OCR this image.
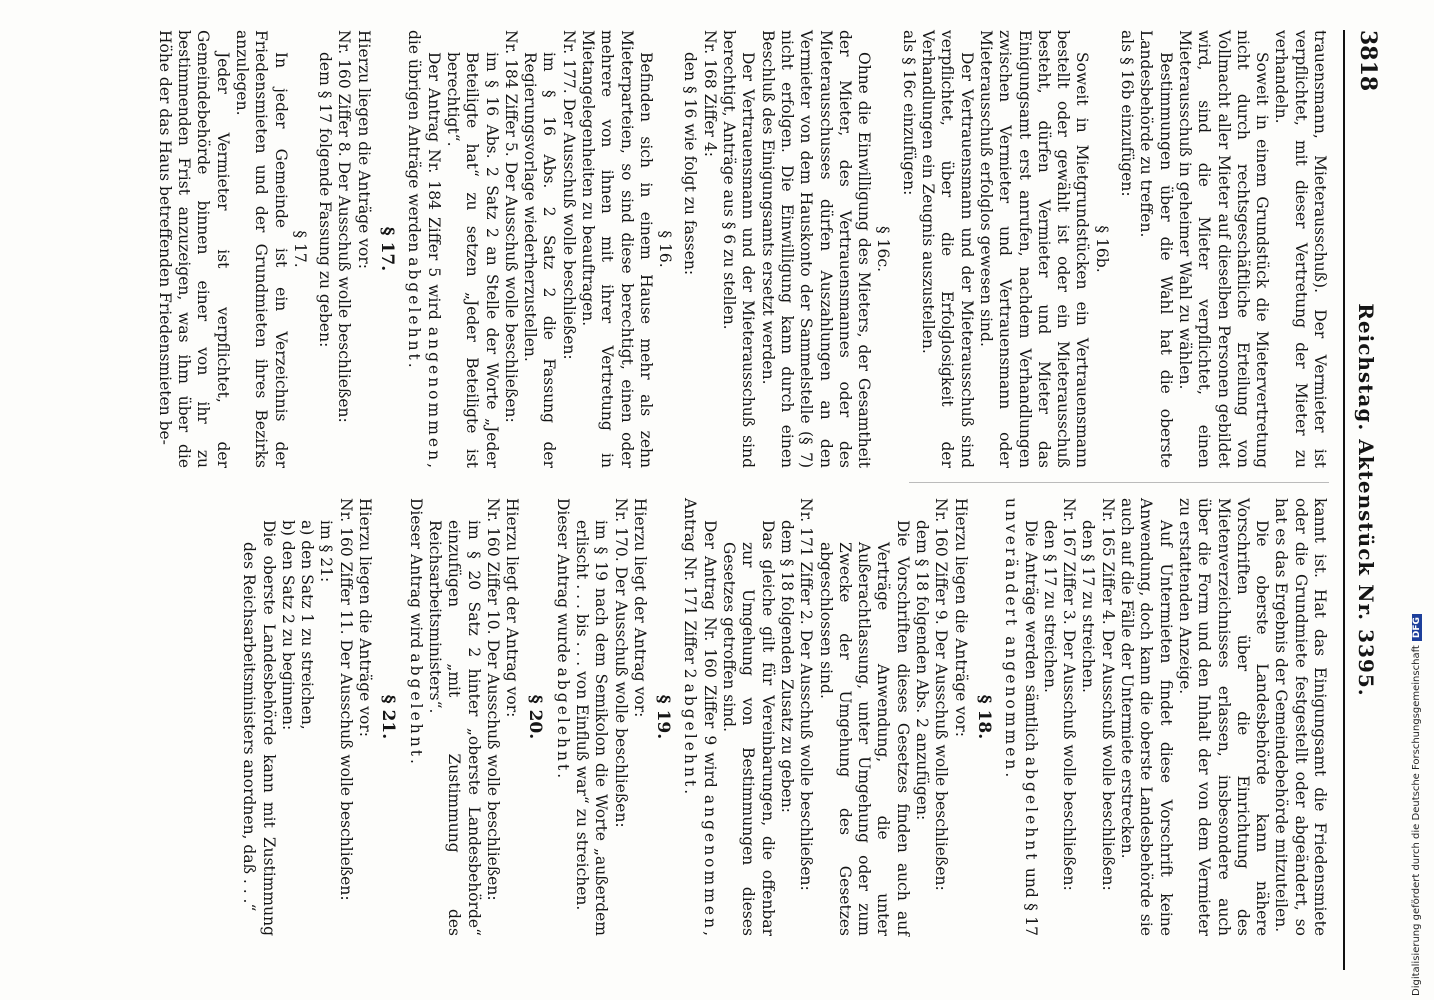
3818
Reichstag. Aktenstück Nr. 3395.

trauensmann, Mieterausschuß). Der Vermieter ist verpflichtet, mit dieser Vertretung der Mieter zu verhandeln.

Soweit in einem Grundstück die Mietervertretung nicht durch rechtsgeschäftliche Erteilung von Vollmacht aller Mieter auf dieselben Personen gebildet wird, sind die Mieter verpflichtet, einen Mieterausschuß in geheimer Wahl zu wählen.

Bestimmungen über die Wahl hat die oberste Landesbehörde zu treffen.

als § 16b einzufügen:

§ 16b.

Soweit in Mietgrundstücken ein Vertrauensmann bestellt oder gewählt ist oder ein Mieterausschuß besteht, dürfen Vermieter und Mieter das Einigungsamt erst anrufen, nachdem Verhandlungen zwischen Vermieter und Vertrauensmann oder Mieterausschuß erfolglos gewesen sind.

Der Vertrauensmann und der Mieterausschuß sind verpflichtet, über die Erfolglosigkeit der Verhandlungen ein Zeugnis auszustellen.

als § 16c einzufügen:

§ 16c.

Ohne die Einwilligung des Mieters, der Gesamtheit der Mieter, des Vertrauensmannes oder des Mieterausschusses dürfen Auszahlungen an den Vermieter von dem Hauskonto der Sammelstelle (§ 7) nicht erfolgen. Die Einwilligung kann durch einen Beschluß des Einigungsamts ersetzt werden.

Der Vertrauensmann und der Mieterausschuß sind berechtigt, Anträge aus § 6 zu stellen.

Nr. 168 Ziffer 4:

den § 16 wie folgt zu fassen:

§ 16.

Befinden sich in einem Hause mehr als zehn Mieterparteien, so sind diese berechtigt, einen oder mehrere von ihnen mit ihrer Vertretung in Mietangelegenheiten zu beauftragen.

Nr. 177. Der Ausschuß wolle beschließen:

im § 16 Abs. 2 Satz 2 die Fassung der Regierungsvorlage wiederherzustellen.

Nr. 184 Ziffer 5. Der Ausschuß wolle beschließen:

im § 16 Abs. 2 Satz 2 an Stelle der Worte „Jeder Beteiligte hat“ zu setzen „Jeder Beteiligte ist berechtigt“.

Der Antrag Nr. 184 Ziffer 5 wird angenommen, die übrigen Anträge werden abgelehnt.

§ 17.

Hierzu liegen die Anträge vor:

Nr. 160 Ziffer 8. Der Ausschuß wolle beschließen:

dem § 17 folgende Fassung zu geben:

§ 17.

In jeder Gemeinde ist ein Verzeichnis der Friedensmieten und der Grundmieten ihres Bezirks anzulegen.

Jeder Vermieter ist verpflichtet, der Gemeindebehörde binnen einer von ihr zu bestimmenden Frist anzuzeigen, was ihm über die Höhe der das Haus betreffenden Friedensmieten be-

kannt ist. Hat das Einigungsamt die Friedensmiete oder die Grundmiete festgestellt oder abgeändert, so hat es das Ergebnis der Gemeindebehörde mitzuteilen.

Die oberste Landesbehörde kann nähere Vorschriften über die Einrichtung des Mietenverzeichnisses erlassen, insbesondere auch über die Form und den Inhalt der von dem Vermieter zu erstattenden Anzeige.

Auf Untermieten findet diese Vorschrift keine Anwendung, doch kann die oberste Landesbehörde sie auch auf die Fälle der Untermiete erstrecken.

Nr. 165 Ziffer 4. Der Ausschuß wolle beschließen:

den § 17 zu streichen.

Nr. 167 Ziffer 3. Der Ausschuß wolle beschließen:

den § 17 zu streichen.

Die Anträge werden sämtlich abgelehnt und § 17 unverändert angenommen.

§ 18.

Hierzu liegen die Anträge vor:

Nr. 160 Ziffer 9. Der Ausschuß wolle beschließen:

dem § 18 folgenden Abs. 2 anzufügen:

Die Vorschriften dieses Gesetzes finden auch auf Verträge Anwendung, die unter Außerachtlassung, unter Umgehung oder zum Zwecke der Umgehung des Gesetzes abgeschlossen sind.

Nr. 171 Ziffer 2. Der Ausschuß wolle beschließen:

dem § 18 folgenden Zusatz zu geben:

Das gleiche gilt für Vereinbarungen, die offenbar zur Umgehung von Bestimmungen dieses Gesetzes getroffen sind.

Der Antrag Nr. 160 Ziffer 9 wird angenommen, Antrag Nr. 171 Ziffer 2 abgelehnt.

§ 19.

Hierzu liegt der Antrag vor:

Nr. 170. Der Ausschuß wolle beschließen:

im § 19 nach dem Semikolon die Worte „außerdem erlischt . . . bis . . . von Einfluß war“ zu streichen.

Dieser Antrag wurde abgelehnt.

§ 20.

Hierzu liegt der Antrag vor:

Nr. 160 Ziffer 10. Der Ausschuß wolle beschließen:

im § 20 Satz 2 hinter „oberste Landesbehörde“ einzufügen „mit Zustimmung des Reichsarbeitsministers“.

Dieser Antrag wird abgelehnt.

§ 21.

Hierzu liegen die Anträge vor:

Nr. 160 Ziffer 11. Der Ausschuß wolle beschließen:

im § 21:

a) den Satz 1 zu streichen,

b) den Satz 2 zu beginnen:

Die oberste Landesbehörde kann mit Zustimmung des Reichsarbeitsministers anordnen, daß . . .“	Digitalisierung gefördert durch die Deutsche ForschungsgemeinschaftDFG
